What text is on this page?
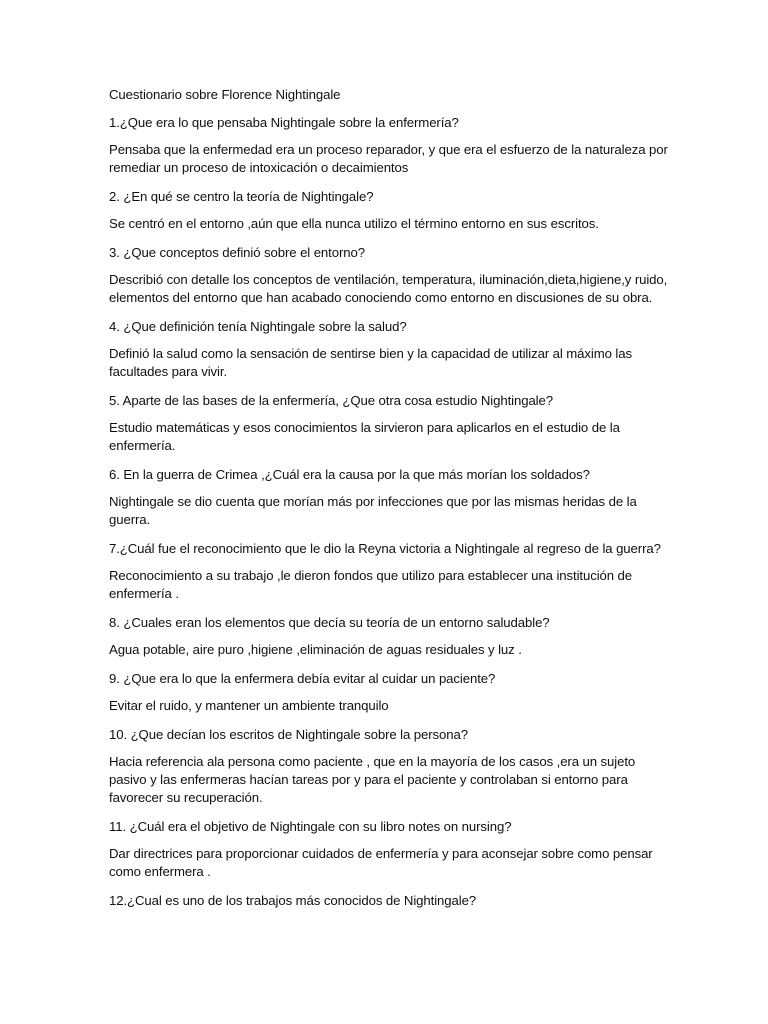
Cuestionario sobre Florence Nightingale
1.¿Que era lo que pensaba Nightingale sobre la enfermería?
Pensaba que la enfermedad era un proceso reparador, y que era el esfuerzo de la naturaleza por remediar un proceso de intoxicación o decaimientos
2. ¿En qué se centro la teoría de Nightingale?
Se centró en el entorno ,aún que ella nunca utilizo el término entorno en sus escritos.
3. ¿Que conceptos definió sobre el entorno?
Describió con detalle los conceptos de ventilación, temperatura, iluminación,dieta,higiene,y ruido, elementos del entorno que han acabado conociendo como entorno en discusiones de su obra.
4. ¿Que definición tenía Nightingale sobre la salud?
Definió la salud como la sensación de sentirse bien y la capacidad de utilizar al máximo las facultades para vivir.
5. Aparte de las bases de la enfermería, ¿Que otra cosa estudio Nightingale?
Estudio matemáticas y esos conocimientos la sirvieron para aplicarlos en el estudio de la enfermería.
6. En la guerra de Crimea ,¿Cuál era la causa por la que más morían los soldados?
Nightingale se dio cuenta que morían más por infecciones que por las mismas heridas de la guerra.
7.¿Cuál fue el reconocimiento que le dio la Reyna victoria a Nightingale al regreso de la guerra?
Reconocimiento a su trabajo ,le dieron fondos que utilizo para establecer una institución de enfermería .
8. ¿Cuales eran los elementos que decía su teoría de un entorno saludable?
Agua potable, aire puro ,higiene ,eliminación de aguas residuales y luz .
9. ¿Que era lo que la enfermera debía evitar al cuidar un paciente?
Evitar el ruido, y mantener un ambiente tranquilo
10. ¿Que decían los escritos de Nightingale sobre la persona?
Hacia referencia ala persona como paciente , que en la mayoría de los casos ,era un sujeto pasivo y las enfermeras hacían tareas por y para el paciente y controlaban si entorno para favorecer su recuperación.
11. ¿Cuál era el objetivo de Nightingale con su libro notes on nursing?
Dar directrices para proporcionar cuidados de enfermería y para aconsejar sobre como pensar como enfermera .
12.¿Cual es uno de los trabajos más conocidos de Nightingale?
